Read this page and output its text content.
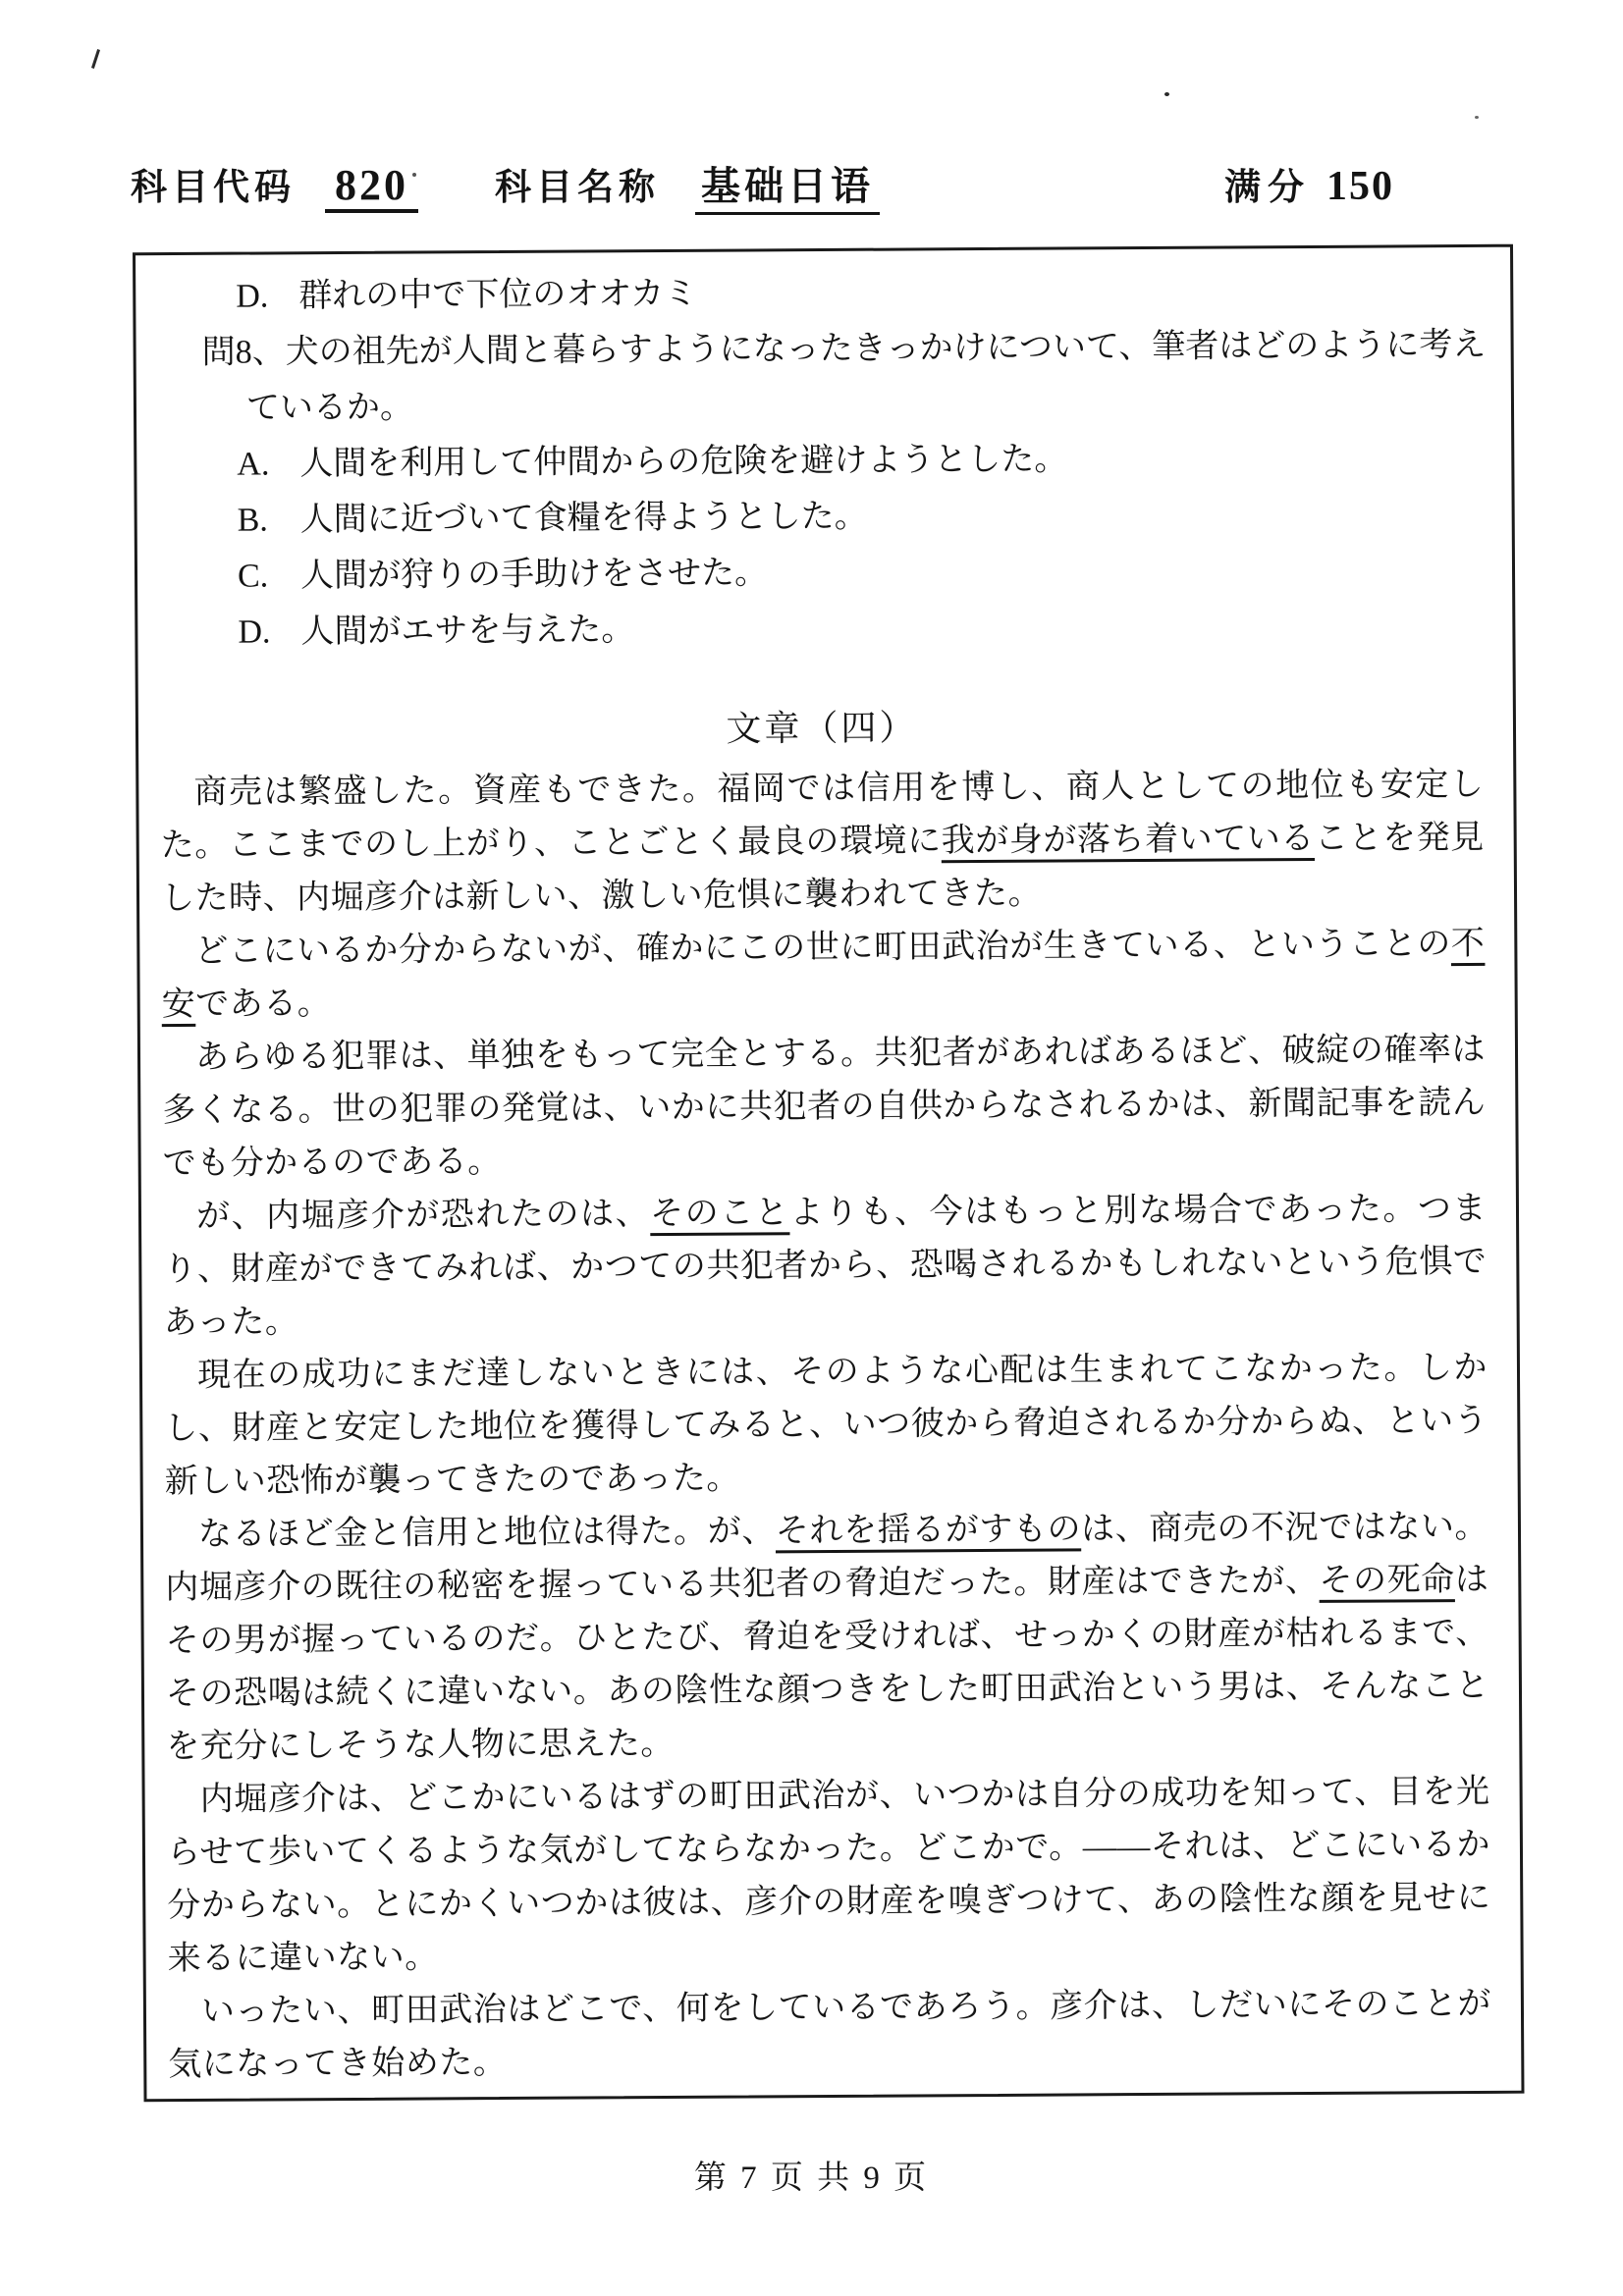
科目代码 820 科目名称 基础日语	满分 150
D. 群れの中で下位のオオカミ
問8、犬の祖先が人間と暮らすようになったきっかけについて、筆者はどのように考え
ているか。
A. 人間を利用して仲間からの危険を避けようとした。
B. 人間に近づいて食糧を得ようとした。
C. 人間が狩りの手助けをさせた。
D. 人間がエサを与えた。
文章（四）

商売は繁盛した。資産もできた。福岡では信用を博し、商人としての地位も安定した。ここまでのし上がり、ことごとく最良の環境に我が身が落ち着いていることを発見した時、内堀彦介は新しい、激しい危惧に襲われてきた。

どこにいるか分からないが、確かにこの世に町田武治が生きている、ということの不安である。

あらゆる犯罪は、単独をもって完全とする。共犯者があればあるほど、破綻の確率は多くなる。世の犯罪の発覚は、いかに共犯者の自供からなされるかは、新聞記事を読んでも分かるのである。

が、内堀彦介が恐れたのは、そのことよりも、今はもっと別な場合であった。つまり、財産ができてみれば、かつての共犯者から、恐喝されるかもしれないという危惧であった。

現在の成功にまだ達しないときには、そのような心配は生まれてこなかった。しかし、財産と安定した地位を獲得してみると、いつ彼から脅迫されるか分からぬ、という新しい恐怖が襲ってきたのであった。

なるほど金と信用と地位は得た。が、それを揺るがすものは、商売の不況ではない。内堀彦介の既往の秘密を握っている共犯者の脅迫だった。財産はできたが、その死命はその男が握っているのだ。ひとたび、脅迫を受ければ、せっかくの財産が枯れるまで、その恐喝は続くに違いない。あの陰性な顔つきをした町田武治という男は、そんなことを充分にしそうな人物に思えた。

内堀彦介は、どこかにいるはずの町田武治が、いつかは自分の成功を知って、目を光らせて歩いてくるような気がしてならなかった。どこかで。——それは、どこにいるか分からない。とにかくいつかは彼は、彦介の財産を嗅ぎつけて、あの陰性な顔を見せに来るに違いない。

いったい、町田武治はどこで、何をしているであろう。彦介は、しだいにそのことが気になってき始めた。

第 7 页 共 9 页
